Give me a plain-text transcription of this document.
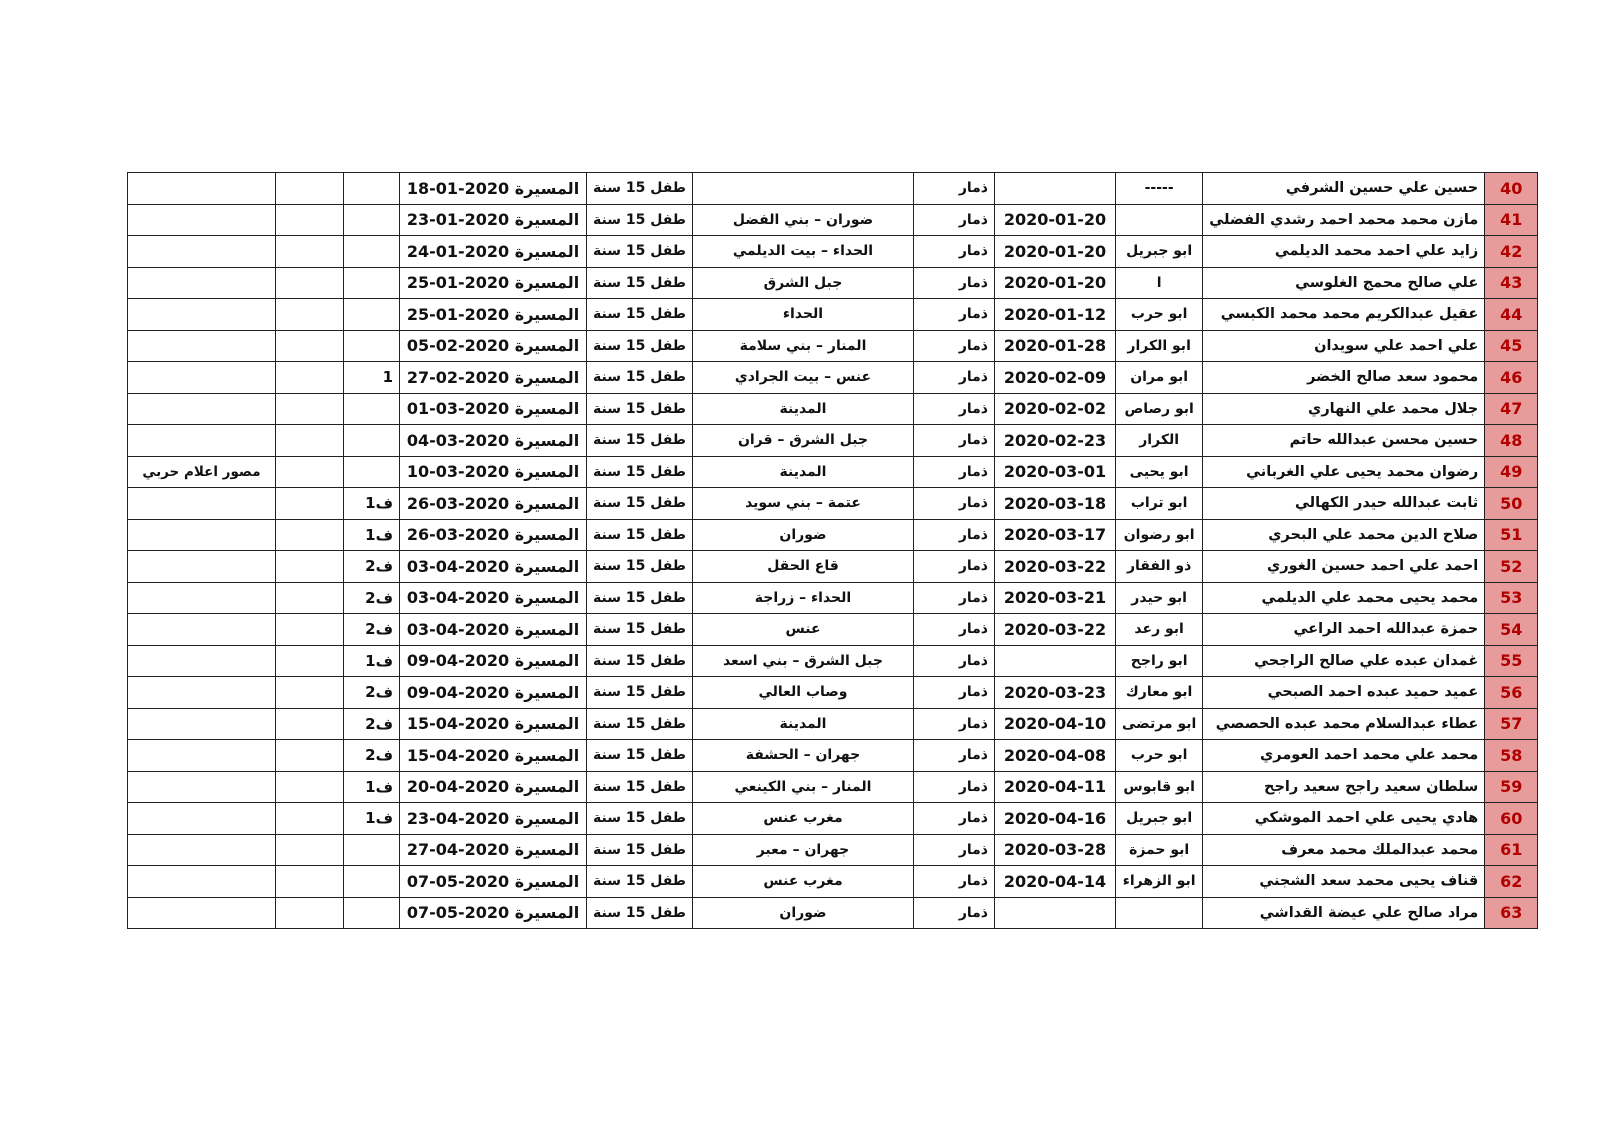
40	حسين علي حسين الشرفي	-----		ذمار		طفل 15 سنة	المسيرة 2020-01-18			
41	مازن محمد محمد احمد رشدي الفضلي		2020-01-20	ذمار	ضوران – بني الفضل	طفل 15 سنة	المسيرة 2020-01-23			
42	زايد علي احمد محمد الديلمي	ابو جبريل	2020-01-20	ذمار	الحداء – بيت الديلمي	طفل 15 سنة	المسيرة 2020-01-24			
43	علي صالح محمج الغلوسي	ا	2020-01-20	ذمار	جبل الشرق	طفل 15 سنة	المسيرة 2020-01-25			
44	عقيل عبدالكريم محمد محمد الكبسي	ابو حرب	2020-01-12	ذمار	الحداء	طفل 15 سنة	المسيرة 2020-01-25			
45	علي احمد علي سويدان	ابو الكرار	2020-01-28	ذمار	المنار – بني سلامة	طفل 15 سنة	المسيرة 2020-02-05			
46	محمود سعد صالح الخضر	ابو مران	2020-02-09	ذمار	عنس – بيت الجرادي	طفل 15 سنة	المسيرة 2020-02-27	1		
47	جلال محمد علي النهاري	ابو رصاص	2020-02-02	ذمار	المدينة	طفل 15 سنة	المسيرة 2020-03-01			
48	حسين محسن عبدالله حاتم	الكرار	2020-02-23	ذمار	جبل الشرق – قران	طفل 15 سنة	المسيرة 2020-03-04			
49	رضوان محمد يحيى علي الغرباني	ابو يحيى	2020-03-01	ذمار	المدينة	طفل 15 سنة	المسيرة 2020-03-10			مصور اعلام حربي
50	ثابت عبدالله حيدر الكهالي	ابو تراب	2020-03-18	ذمار	عتمة – بني سويد	طفل 15 سنة	المسيرة 2020-03-26	ف1		
51	صلاح الدين محمد علي البحري	ابو رضوان	2020-03-17	ذمار	ضوران	طفل 15 سنة	المسيرة 2020-03-26	ف1		
52	احمد علي احمد حسين الغوري	ذو الفقار	2020-03-22	ذمار	قاع الحقل	طفل 15 سنة	المسيرة 2020-04-03	ف2		
53	محمد يحيى محمد علي الديلمي	ابو حيدر	2020-03-21	ذمار	الحداء – زراجة	طفل 15 سنة	المسيرة 2020-04-03	ف2		
54	حمزة عبدالله احمد الراعي	ابو رعد	2020-03-22	ذمار	عنس	طفل 15 سنة	المسيرة 2020-04-03	ف2		
55	غمدان عبده علي صالح الراجحي	ابو راجح		ذمار	جبل الشرق – بني اسعد	طفل 15 سنة	المسيرة 2020-04-09	ف1		
56	عميد حميد عبده احمد الصبحي	ابو معارك	2020-03-23	ذمار	وصاب العالي	طفل 15 سنة	المسيرة 2020-04-09	ف2		
57	عطاء عبدالسلام محمد عبده الحصصي	ابو مرتضى	2020-04-10	ذمار	المدينة	طفل 15 سنة	المسيرة 2020-04-15	ف2		
58	محمد علي محمد احمد العومري	ابو حرب	2020-04-08	ذمار	جهران – الحشفة	طفل 15 سنة	المسيرة 2020-04-15	ف2		
59	سلطان سعيد راجح سعيد راجح	ابو قابوس	2020-04-11	ذمار	المنار – بني الكينعي	طفل 15 سنة	المسيرة 2020-04-20	ف1		
60	هادي يحيى علي احمد الموشكي	ابو جبريل	2020-04-16	ذمار	مغرب عنس	طفل 15 سنة	المسيرة 2020-04-23	ف1		
61	محمد عبدالملك محمد معرف	ابو حمزة	2020-03-28	ذمار	جهران – معبر	طفل 15 سنة	المسيرة 2020-04-27			
62	قناف يحيى محمد سعد الشجني	ابو الزهراء	2020-04-14	ذمار	مغرب عنس	طفل 15 سنة	المسيرة 2020-05-07			
63	مراد صالح علي عيضة القداشي			ذمار	ضوران	طفل 15 سنة	المسيرة 2020-05-07			
